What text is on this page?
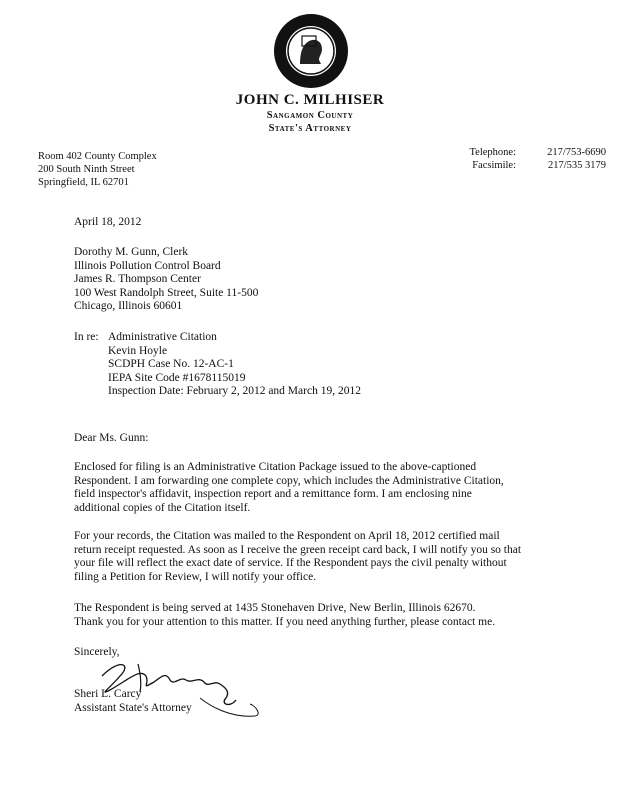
JOHN C. MILHISER
Sangamon County
State's Attorney
Room 402 County Complex
200 South Ninth Street
Springfield, IL 62701
Telephone:	217/753-6690
Facsimile:	217/535 3179
April 18, 2012
Dorothy M. Gunn, Clerk
Illinois Pollution Control Board
James R. Thompson Center
100 West Randolph Street, Suite 11-500
Chicago, Illinois 60601
In re: Administrative Citation
Kevin Hoyle
SCDPH Case No. 12-AC-1
IEPA Site Code #1678115019
Inspection Date: February 2, 2012 and March 19, 2012
Dear Ms. Gunn:
Enclosed for filing is an Administrative Citation Package issued to the above-captioned
Respondent. I am forwarding one complete copy, which includes the Administrative Citation,
field inspector's affidavit, inspection report and a remittance form. I am enclosing nine
additional copies of the Citation itself.
For your records, the Citation was mailed to the Respondent on April 18, 2012 certified mail
return receipt requested. As soon as I receive the green receipt card back, I will notify you so that
your file will reflect the exact date of service. If the Respondent pays the civil penalty without
filing a Petition for Review, I will notify your office.
The Respondent is being served at 1435 Stonehaven Drive, New Berlin, Illinois 62670.
Thank you for your attention to this matter. If you need anything further, please contact me.
Sincerely,
Sheri L. Carcy
Assistant State's Attorney
